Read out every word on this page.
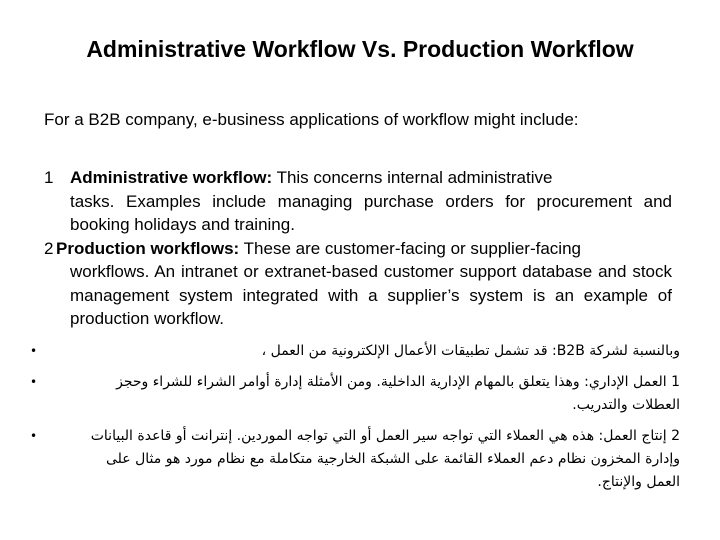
Administrative Workflow Vs. Production Workflow
For a B2B company, e-business applications of workflow might include:
1 Administrative workflow: This concerns internal administrative
tasks. Examples include managing purchase orders for procurement and booking holidays and training.
2 Production workflows: These are customer-facing or supplier-facing
workflows. An intranet or extranet-based customer support database and stock management system integrated with a supplier’s system is an example of production workflow.
•	وبالنسبة لشركة B2B: قد تشمل تطبيقات الأعمال الإلكترونية من العمل ،
•	1 العمل الإداري: وهذا يتعلق بالمهام الإدارية الداخلية. ومن الأمثلة إدارة أوامر الشراء للشراء وحجز العطلات والتدريب.
•	2 إنتاج العمل: هذه هي العملاء التي تواجه سير العمل أو التي تواجه الموردين. إنترانت أو قاعدة البيانات وإدارة المخزون نظام دعم العملاء القائمة على الشبكة الخارجية متكاملة مع نظام مورد هو مثال على العمل والإنتاج.
